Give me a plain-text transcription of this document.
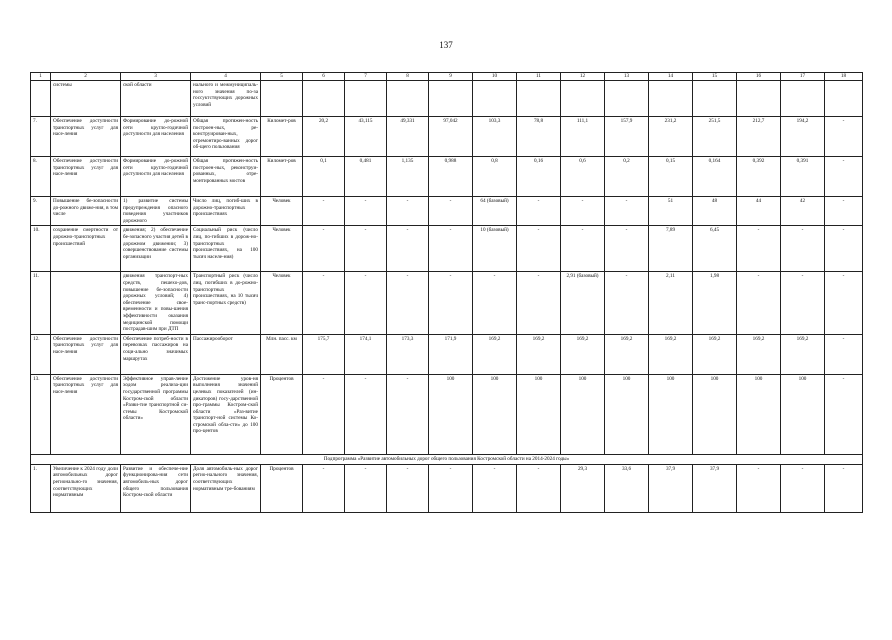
137
1	2	3	4	5	6	7	8	9	10	11	12	13	14	15	16	17	18
	системы	ской области	нального и межмуниципаль-ного значения по-за госсуктствующих дорожных условий														
7.	Обеспечение доступности транспортных услуг для насе-ления	Формирование до-рожной сети кругло-годичной доступности для населения	Общая протяжен-ность построен-ных, ре-конструирован-ных, отремонтиро-ванных дорог об-щего пользования	Километ-ров	20,2	43,115	49,331	97,042	103,3	78,8	111,1	157,9	231,2	251,5	212,7	194,2	-
8.	Обеспечение доступности транспортных услуг для насе-ления	Формирование до-рожной сети кругло-годичной доступности для населения	Общая протяжен-ность построен-ных, реконструи-рованных, отре-монтированных мостов	Километ-ров	0,1	0,481	1,135	0,988	0,8	0,16	0,6	0,2	0,15	0,164	0,392	0,391	-
9.	Повышение бе-зопасности до-рожного движе-ния, в том числе	1) развитие системы предупреждения опасного поведения участников дорожного	Число лиц, погиб-ших в дорожно-транспортных происшествиях	Человек	-	-	-	-	64 (базовый)	-	-	-	51	48	44	42	-
10.	сохранение смертности от дорожно-транспортных происшествий	движения; 2) обеспечение бе-зопасного участия детей в дорожном движении; 3) совершенствование системы организации	Социальный риск (число лиц, по-гибших в дорож-но-транспортных происшествиях, на 100 тысяч населе-ния)	Человек	-	-	-	-	10 (базовый)	-	-	-	7,89	6,45	-	-	-
11.		движения транспорт-ных средств, пешехо-дов, повышение бе-зопасности дорожных условий; 4) обеспечение свое-временности и повы-шения эффективности оказания медицинской помощи пострадав-шим при ДТП	Транспортный риск (число лиц, погибших в до-рожно-транспортных происшествиях, на 10 тысяч транс-портных средств)	Человек	-	-	-	-	-	-	2,91 (базовый)	-	2,11	1,98	-	-	-
12.	Обеспечение доступности транспортных услуг для насе-ления	Обеспечение потреб-ности в перевозках пассажиров на соци-ально значимых маршрутах	Пассажирооборот	Млн. пасс. км	175,7	174,1	173,3	171,9	169,2	169,2	169,2	169,2	169,2	169,2	169,2	169,2	-
13.	Обеспечение доступности транспортных услуг для насе-ления	Эффективное управ-ление ходом реализа-ции государственной программы Костром-ской области «Разви-тие транспортной си-стемы Костромской области»	Достижение уров-ня выполнения значений целевых показателей (ин-дикаторов) госу-дарственной про-граммы Костром-ской области «Раз-витие транспорт-ной системы Ко-стромской обла-сти» до 100 про-центов	Процентов	-	-	-	100	100	100	100	100	100	100	100	100	-
Подпрограмма «Развитие автомобильных дорог общего пользования Костромской области на 2014-2024 годы»																	
1.	Увеличение к 2024 году доли автомобильных дорог регионально-го значения, соответствующих нормативным	Развитие и обеспече-ние функционирова-ния сети автомобиль-ных дорог общего пользования Костром-ской области	Доля автомобиль-ных дорог регио-нального значения, соответствующих нормативным тре-бованиям	Процентов	-	-	-	-	-	-	29,3	33,6	37,9	37,9	-	-	-
